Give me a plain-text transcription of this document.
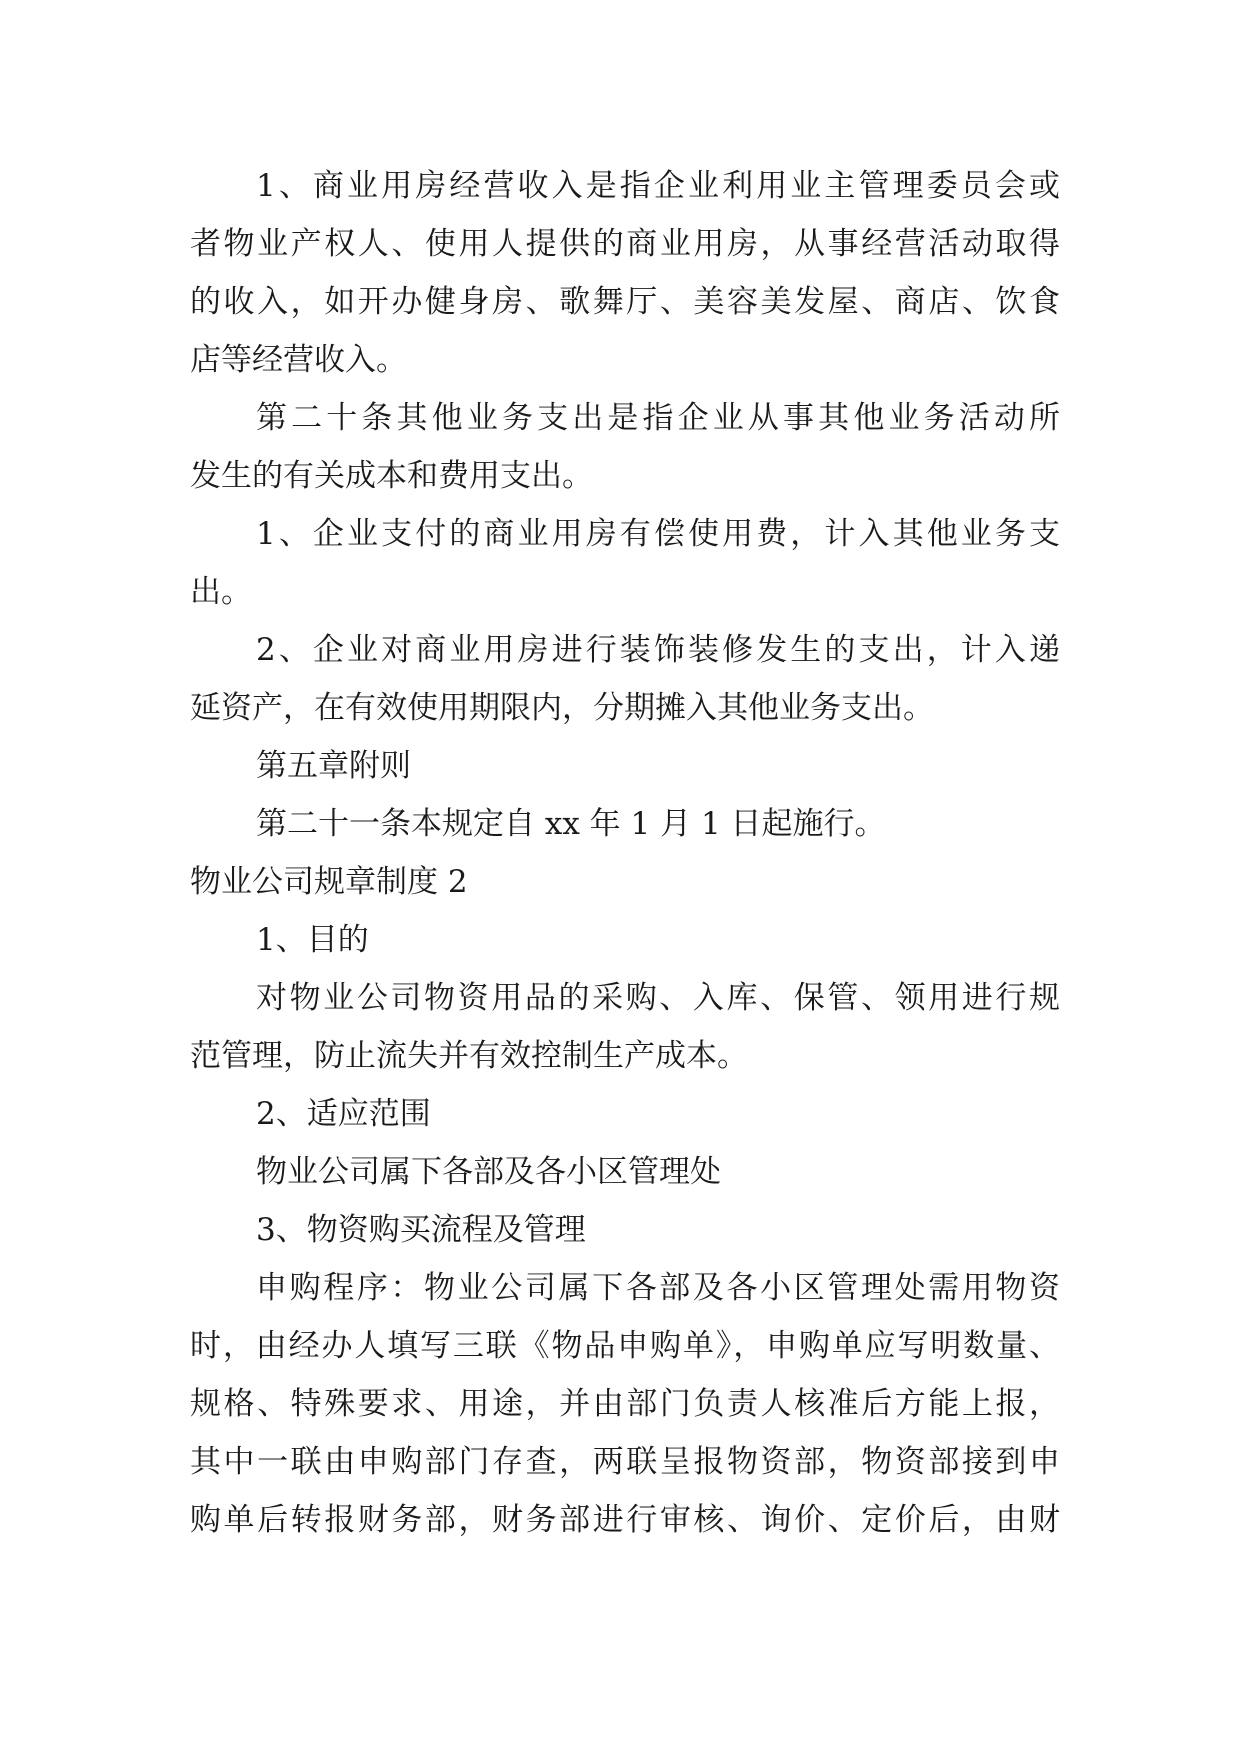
1、商业用房经营收入是指企业利用业主管理委员会或
者物业产权人、使用人提供的商业用房，从事经营活动取得
的收入，如开办健身房、歌舞厅、美容美发屋、商店、饮食
店等经营收入。
第二十条其他业务支出是指企业从事其他业务活动所
发生的有关成本和费用支出。
1、企业支付的商业用房有偿使用费，计入其他业务支
出。
2、企业对商业用房进行装饰装修发生的支出，计入递
延资产，在有效使用期限内，分期摊入其他业务支出。
第五章附则
第二十一条本规定自 xx 年 1 月 1 日起施行。
物业公司规章制度 2
1、目的
对物业公司物资用品的采购、入库、保管、领用进行规
范管理，防止流失并有效控制生产成本。
2、适应范围
物业公司属下各部及各小区管理处
3、物资购买流程及管理
申购程序：物业公司属下各部及各小区管理处需用物资
时，由经办人填写三联《物品申购单》，申购单应写明数量、
规格、特殊要求、用途，并由部门负责人核准后方能上报，
其中一联由申购部门存查，两联呈报物资部，物资部接到申
购单后转报财务部，财务部进行审核、询价、定价后，由财
